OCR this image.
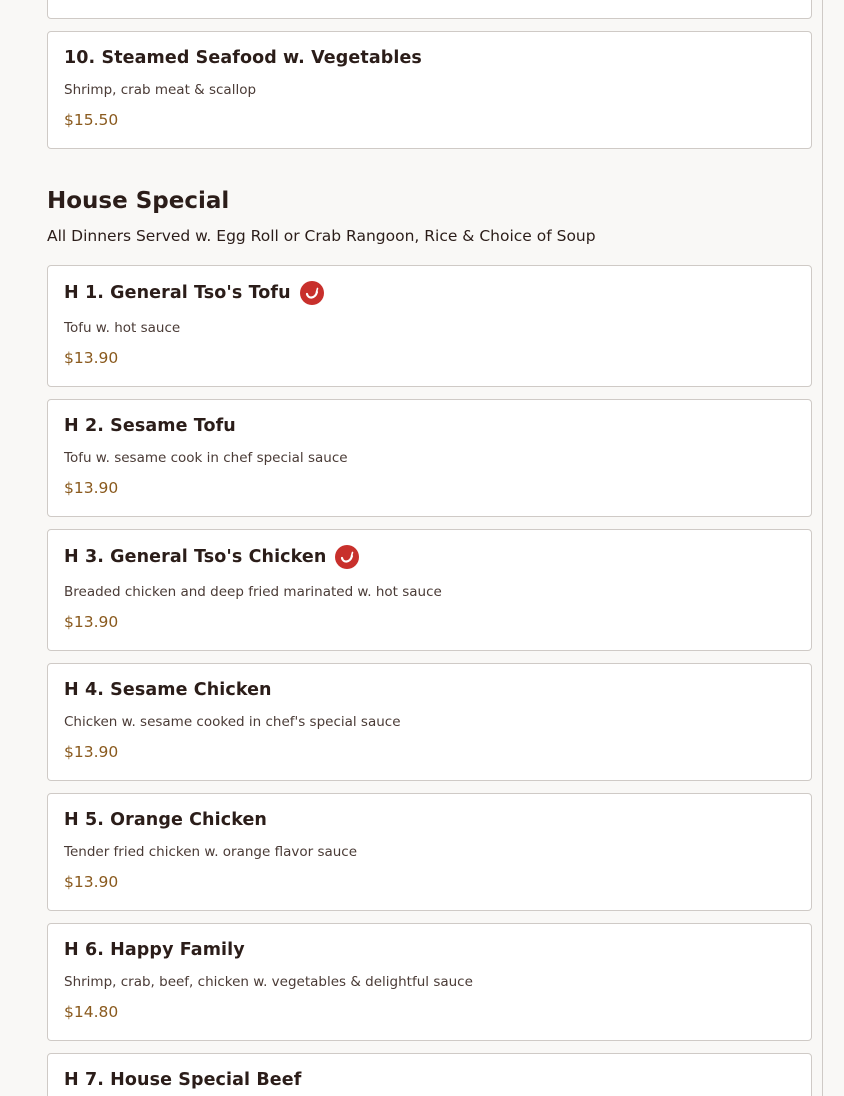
10. Steamed Seafood w. Vegetables
Shrimp, crab meat & scallop
$15.50
House Special
All Dinners Served w. Egg Roll or Crab Rangoon, Rice & Choice of Soup
H 1. General Tso's Tofu
Tofu w. hot sauce
$13.90
H 2. Sesame Tofu
Tofu w. sesame cook in chef special sauce
$13.90
H 3. General Tso's Chicken
Breaded chicken and deep fried marinated w. hot sauce
$13.90
H 4. Sesame Chicken
Chicken w. sesame cooked in chef's special sauce
$13.90
H 5. Orange Chicken
Tender fried chicken w. orange flavor sauce
$13.90
H 6. Happy Family
Shrimp, crab, beef, chicken w. vegetables & delightful sauce
$14.80
H 7. House Special Beef
